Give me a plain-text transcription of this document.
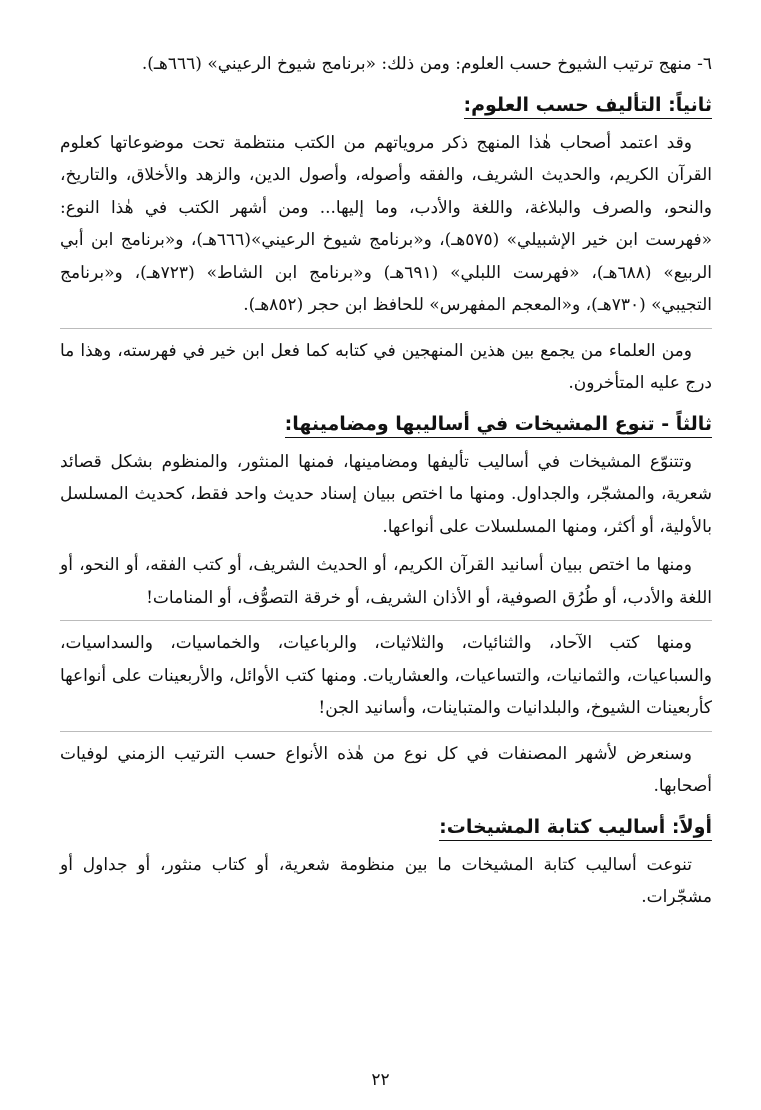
٦- منهج ترتيب الشيوخ حسب العلوم: ومن ذلك: «برنامج شيوخ الرعيني» (٦٦٦هـ).

ثانياً: التأليف حسب العلوم:

وقد اعتمد أصحاب هٰذا المنهج ذكر مروياتهم من الكتب منتظمة تحت موضوعاتها كعلوم القرآن الكريم، والحديث الشريف، والفقه وأصوله، وأصول الدين، والزهد والأخلاق، والتاريخ، والنحو، والصرف والبلاغة، واللغة والأدب، وما إليها... ومن أشهر الكتب في هٰذا النوع: «فهرست ابن خير الإشبيلي» (٥٧٥هـ)، و«برنامج شيوخ الرعيني»(٦٦٦هـ)، و«برنامج ابن أبي الربيع» (٦٨٨هـ)، «فهرست اللبلي» (٦٩١هـ) و«برنامج ابن الشاط» (٧٢٣هـ)، و«برنامج التجيبي» (٧٣٠هـ)، و«المعجم المفهرس» للحافظ ابن حجر (٨٥٢هـ).

ومن العلماء من يجمع بين هذين المنهجين في كتابه كما فعل ابن خير في فهرسته، وهذا ما درج عليه المتأخرون.

ثالثاً - تنوع المشيخات في أساليبها ومضامينها:

وتتنوّع المشيخات في أساليب تأليفها ومضامينها، فمنها المنثور، والمنظوم بشكل قصائد شعرية، والمشجّر، والجداول. ومنها ما اختص ببيان إسناد حديث واحد فقط، كحديث المسلسل بالأولية، أو أكثر، ومنها المسلسلات على أنواعها.

ومنها ما اختص ببيان أسانيد القرآن الكريم، أو الحديث الشريف، أو كتب الفقه، أو النحو، أو اللغة والأدب، أو طُرُق الصوفية، أو الأذان الشريف، أو خرقة التصوُّف، أو المنامات!

ومنها كتب الآحاد، والثنائيات، والثلاثيات، والرباعيات، والخماسيات، والسداسيات، والسباعيات، والثمانيات، والتساعيات، والعشاريات. ومنها كتب الأوائل، والأربعينات على أنواعها كأربعينات الشيوخ، والبلدانيات والمتباينات، وأسانيد الجن!

وسنعرض لأشهر المصنفات في كل نوع من هٰذه الأنواع حسب الترتيب الزمني لوفيات أصحابها.

أولاً: أساليب كتابة المشيخات:

تنوعت أساليب كتابة المشيخات ما بين منظومة شعرية، أو كتاب منثور، أو جداول أو مشجّرات.

٢٢
